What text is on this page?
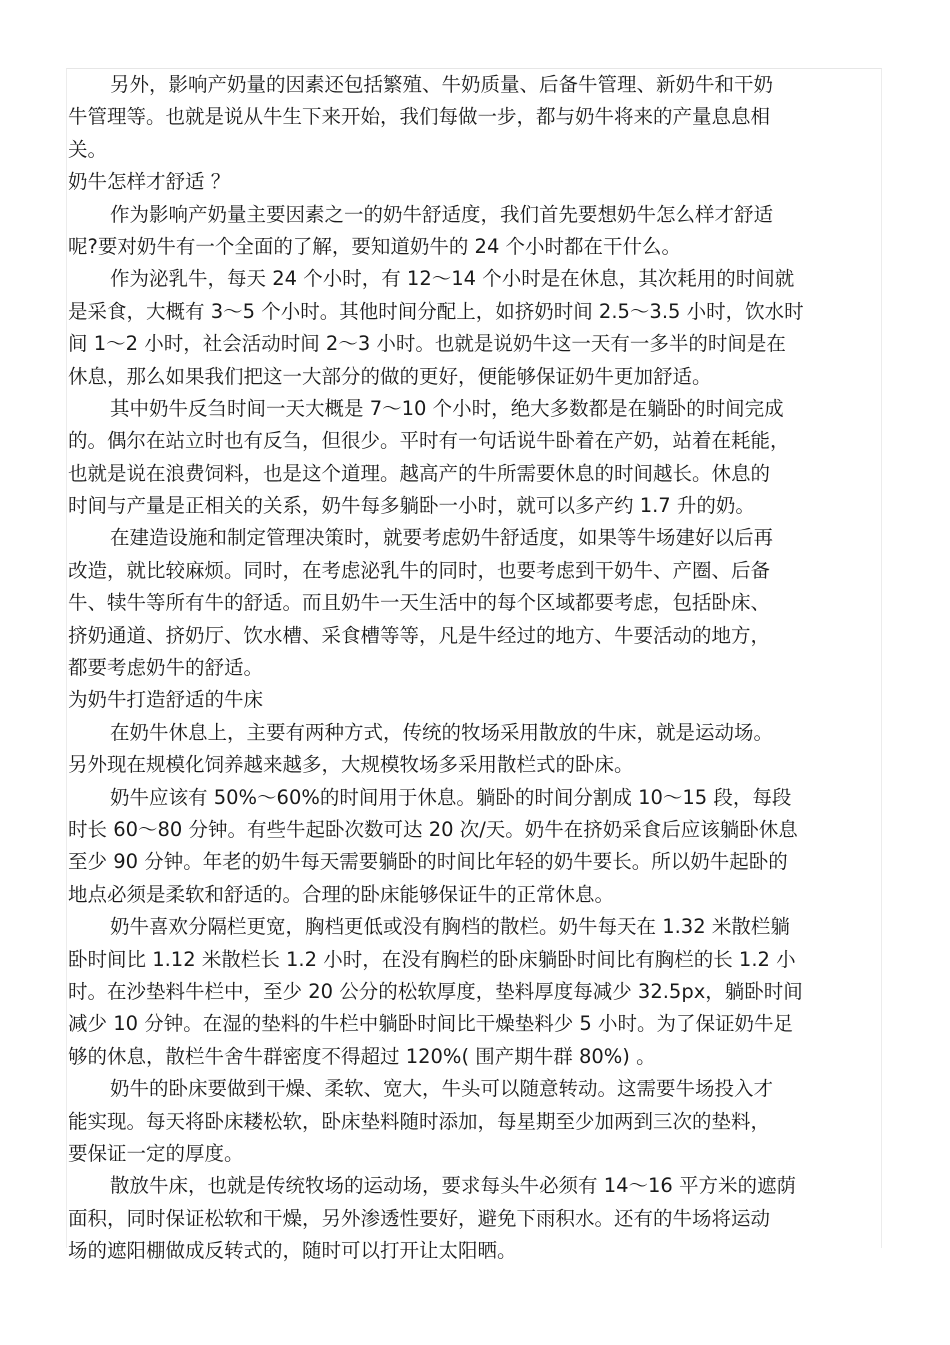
另外，影响产奶量的因素还包括繁殖、牛奶质量、后备牛管理、新奶牛和干奶
牛管理等。也就是说从牛生下来开始，我们每做一步，都与奶牛将来的产量息息相
关。
奶牛怎样才舒适 ？
作为影响产奶量主要因素之一的奶牛舒适度，我们首先要想奶牛怎么样才舒适
呢?要对奶牛有一个全面的了解，要知道奶牛的 24 个小时都在干什么。
作为泌乳牛，每天 24 个小时，有 12～14 个小时是在休息，其次耗用的时间就
是采食，大概有 3～5 个小时。其他时间分配上，如挤奶时间 2.5～3.5 小时，饮水时
间 1～2 小时，社会活动时间 2～3 小时。也就是说奶牛这一天有一多半的时间是在
休息，那么如果我们把这一大部分的做的更好，便能够保证奶牛更加舒适。
其中奶牛反刍时间一天大概是 7～10 个小时，绝大多数都是在躺卧的时间完成
的。偶尔在站立时也有反刍，但很少。平时有一句话说牛卧着在产奶，站着在耗能，
也就是说在浪费饲料，也是这个道理。越高产的牛所需要休息的时间越长。休息的
时间与产量是正相关的关系，奶牛每多躺卧一小时，就可以多产约 1.7 升的奶。
在建造设施和制定管理决策时，就要考虑奶牛舒适度，如果等牛场建好以后再
改造，就比较麻烦。同时，在考虑泌乳牛的同时，也要考虑到干奶牛、产圈、后备
牛、犊牛等所有牛的舒适。而且奶牛一天生活中的每个区域都要考虑，包括卧床、
挤奶通道、挤奶厅、饮水槽、采食槽等等，凡是牛经过的地方、牛要活动的地方，
都要考虑奶牛的舒适。
为奶牛打造舒适的牛床
在奶牛休息上，主要有两种方式，传统的牧场采用散放的牛床，就是运动场。
另外现在规模化饲养越来越多，大规模牧场多采用散栏式的卧床。
奶牛应该有 50%～60%的时间用于休息。躺卧的时间分割成 10～15 段，每段
时长 60～80 分钟。有些牛起卧次数可达 20 次/天。奶牛在挤奶采食后应该躺卧休息
至少 90 分钟。年老的奶牛每天需要躺卧的时间比年轻的奶牛要长。所以奶牛起卧的
地点必须是柔软和舒适的。合理的卧床能够保证牛的正常休息。
奶牛喜欢分隔栏更宽，胸档更低或没有胸档的散栏。奶牛每天在 1.32 米散栏躺
卧时间比 1.12 米散栏长 1.2 小时，在没有胸栏的卧床躺卧时间比有胸栏的长 1.2 小
时。在沙垫料牛栏中，至少 20 公分的松软厚度，垫料厚度每减少 32.5px，躺卧时间
减少 10 分钟。在湿的垫料的牛栏中躺卧时间比干燥垫料少 5 小时。为了保证奶牛足
够的休息，散栏牛舍牛群密度不得超过 120%( 围产期牛群 80%) 。
奶牛的卧床要做到干燥、柔软、宽大，牛头可以随意转动。这需要牛场投入才
能实现。每天将卧床耧松软，卧床垫料随时添加，每星期至少加两到三次的垫料，
要保证一定的厚度。
散放牛床，也就是传统牧场的运动场，要求每头牛必须有 14～16 平方米的遮荫
面积，同时保证松软和干燥，另外渗透性要好，避免下雨积水。还有的牛场将运动
场的遮阳棚做成反转式的，随时可以打开让太阳晒。
